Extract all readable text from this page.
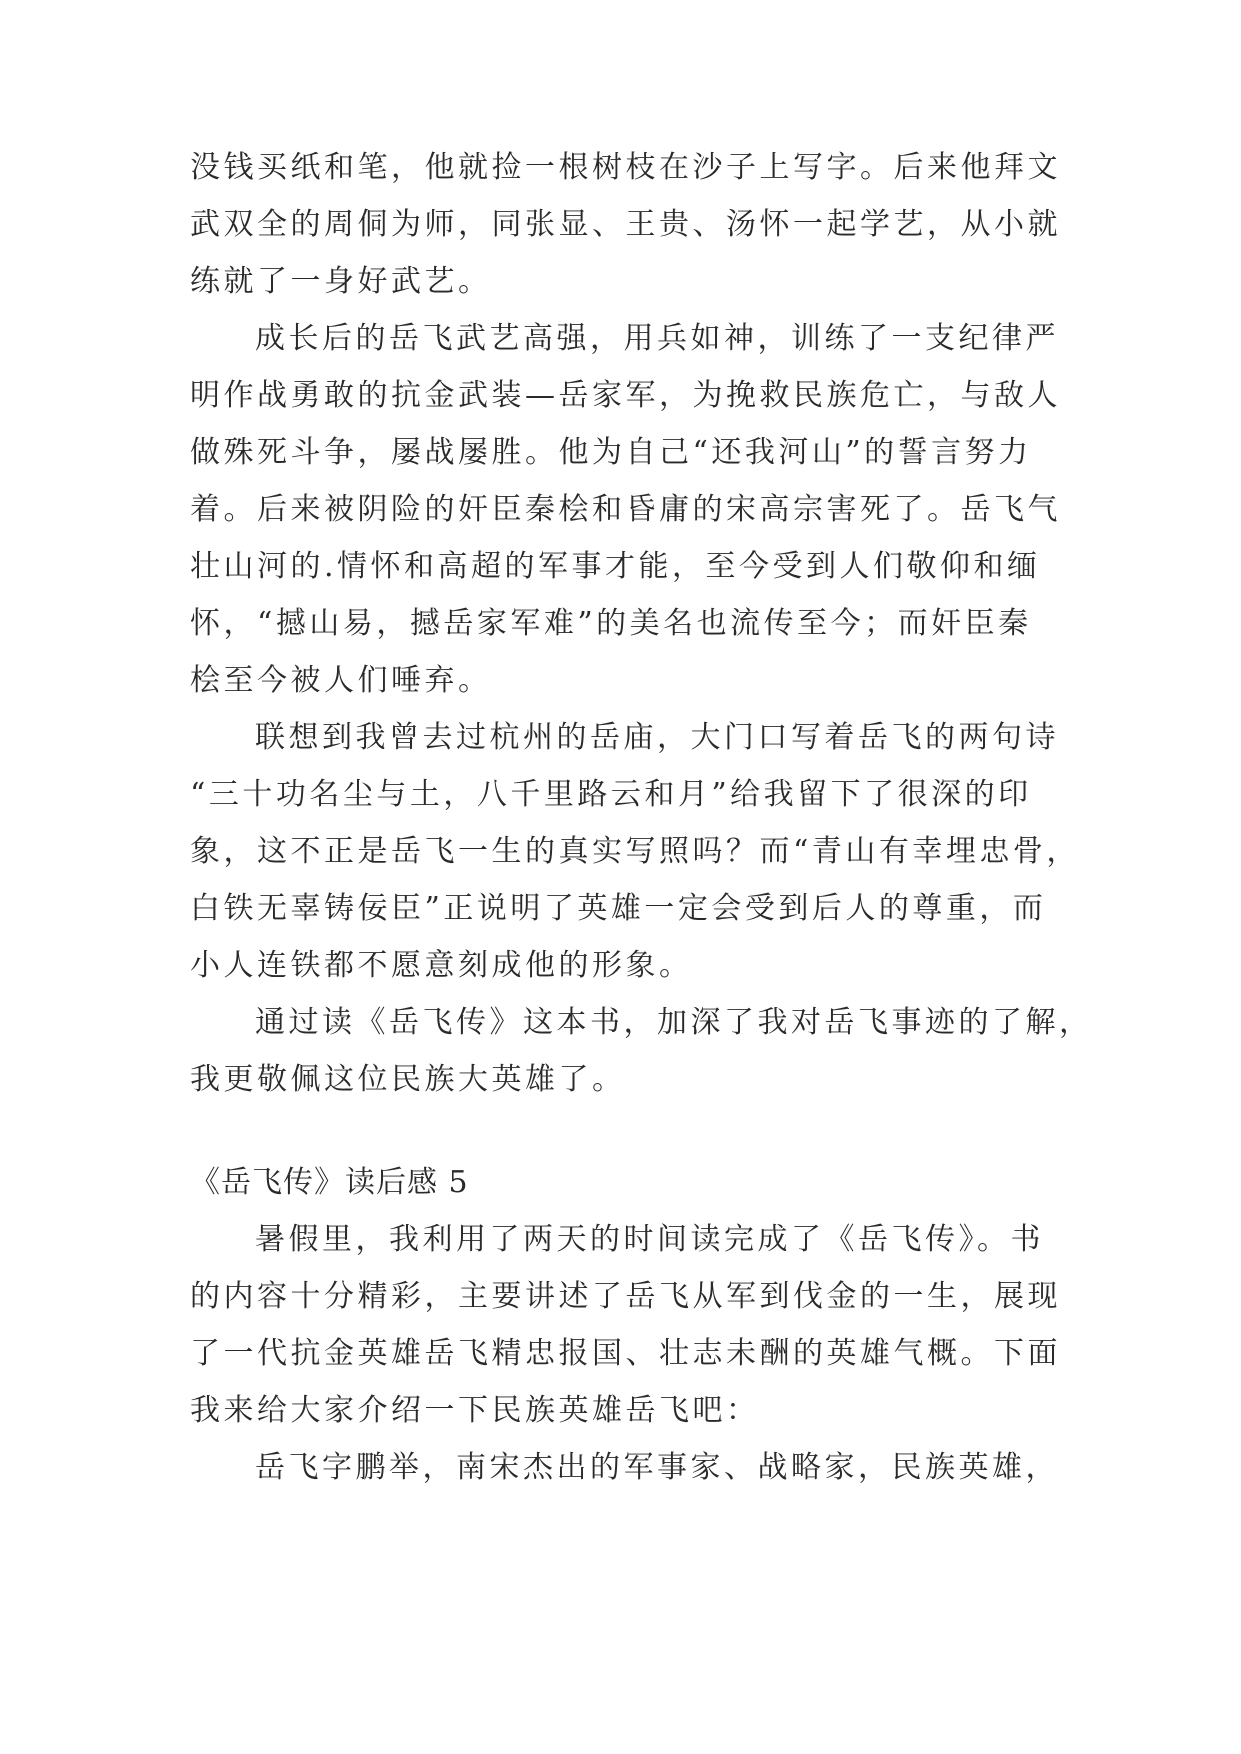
没钱买纸和笔，他就捡一根树枝在沙子上写字。后来他拜文
武双全的周侗为师，同张显、王贵、汤怀一起学艺，从小就
练就了一身好武艺。
成长后的岳飞武艺高强，用兵如神，训练了一支纪律严
明作战勇敢的抗金武装—岳家军，为挽救民族危亡，与敌人
做殊死斗争，屡战屡胜。他为自己“还我河山”的誓言努力
着。后来被阴险的奸臣秦桧和昏庸的宋高宗害死了。岳飞气
壮山河的.情怀和高超的军事才能，至今受到人们敬仰和缅
怀，“撼山易，撼岳家军难”的美名也流传至今；而奸臣秦
桧至今被人们唾弃。
联想到我曾去过杭州的岳庙，大门口写着岳飞的两句诗
“三十功名尘与土，八千里路云和月”给我留下了很深的印
象，这不正是岳飞一生的真实写照吗？而“青山有幸埋忠骨，
白铁无辜铸佞臣”正说明了英雄一定会受到后人的尊重，而
小人连铁都不愿意刻成他的形象。
通过读《岳飞传》这本书，加深了我对岳飞事迹的了解，
我更敬佩这位民族大英雄了。
《岳飞传》读后感 5
暑假里，我利用了两天的时间读完成了《岳飞传》。书
的内容十分精彩，主要讲述了岳飞从军到伐金的一生，展现
了一代抗金英雄岳飞精忠报国、壮志未酬的英雄气概。下面
我来给大家介绍一下民族英雄岳飞吧：
岳飞字鹏举，南宋杰出的军事家、战略家，民族英雄，
